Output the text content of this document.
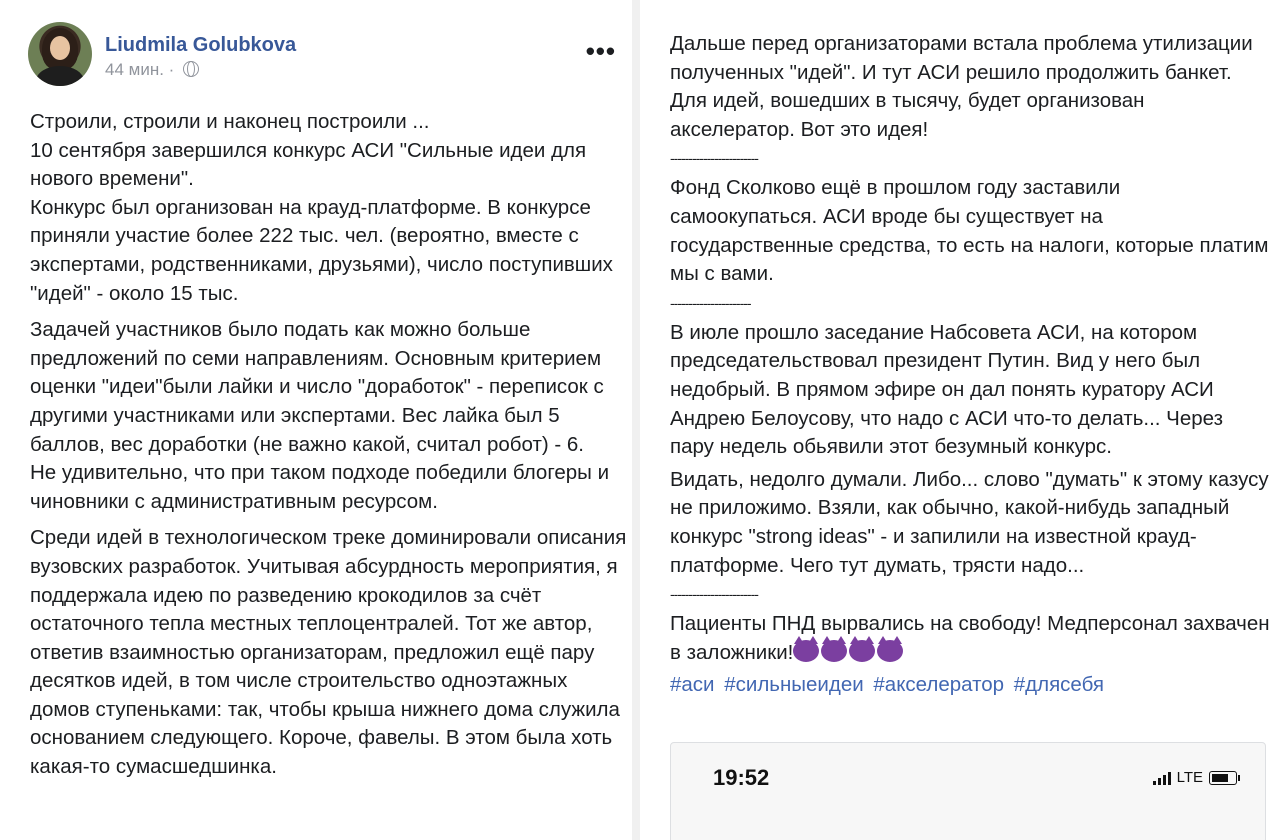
Liudmila Golubkova
44 мин. ·
•••

Строили, строили и наконец построили ...

10 сентября завершился конкурс АСИ "Сильные идеи для нового времени".

Конкурс был организован на крауд-платформе. В конкурсе приняли участие более 222 тыс. чел. (вероятно, вместе с экспертами, родственниками, друзьями), число поступивших "идей" - около 15 тыс.

Задачей участников было подать как можно больше предложений по семи направлениям. Основным критерием оценки "идеи"были лайки и число "доработок" - переписок с другими участниками или экспертами. Вес лайка был 5 баллов, вес доработки (не важно какой, считал робот) - 6.

Не удивительно, что при таком подходе победили блогеры и чиновники с административным ресурсом.

Среди идей в технологическом треке доминировали описания вузовских разработок. Учитывая абсурдность мероприятия, я поддержала идею по разведению крокодилов за счёт остаточного тепла местных теплоцентралей. Тот же автор, ответив взаимностью организаторам, предложил ещё пару десятков идей, в том числе строительство одноэтажных домов ступеньками: так, чтобы крыша нижнего дома служила основанием следующего. Короче, фавелы. В этом была хоть какая-то сумасшедшинка.

Дальше перед организаторами встала проблема утилизации полученных "идей". И тут АСИ решило продолжить банкет. Для идей, вошедших в тысячу, будет организован акселератор. Вот это идея!

------------------------

Фонд Сколково ещё в прошлом году заставили самоокупаться. АСИ вроде бы существует на государственные средства, то есть на налоги, которые платим мы с вами.

----------------------

В июле прошло заседание Набсовета АСИ, на котором председательствовал президент Путин. Вид у него был недобрый. В прямом эфире он дал понять куратору АСИ Андрею Белоусову, что надо с АСИ что-то делать... Через пару недель обьявили этот безумный конкурс.

Видать, недолго думали. Либо... слово "думать" к этому казусу не приложимо. Взяли, как обычно, какой-нибудь западный конкурс "strong ideas" - и запилили на известной крауд-платформе. Чего тут думать, трясти надо...

------------------------

Пациенты ПНД вырвались на свободу! Медперсонал захвачен в заложники!

#аси #сильныеидеи #акселератор #длясебя

19:52	LTE
